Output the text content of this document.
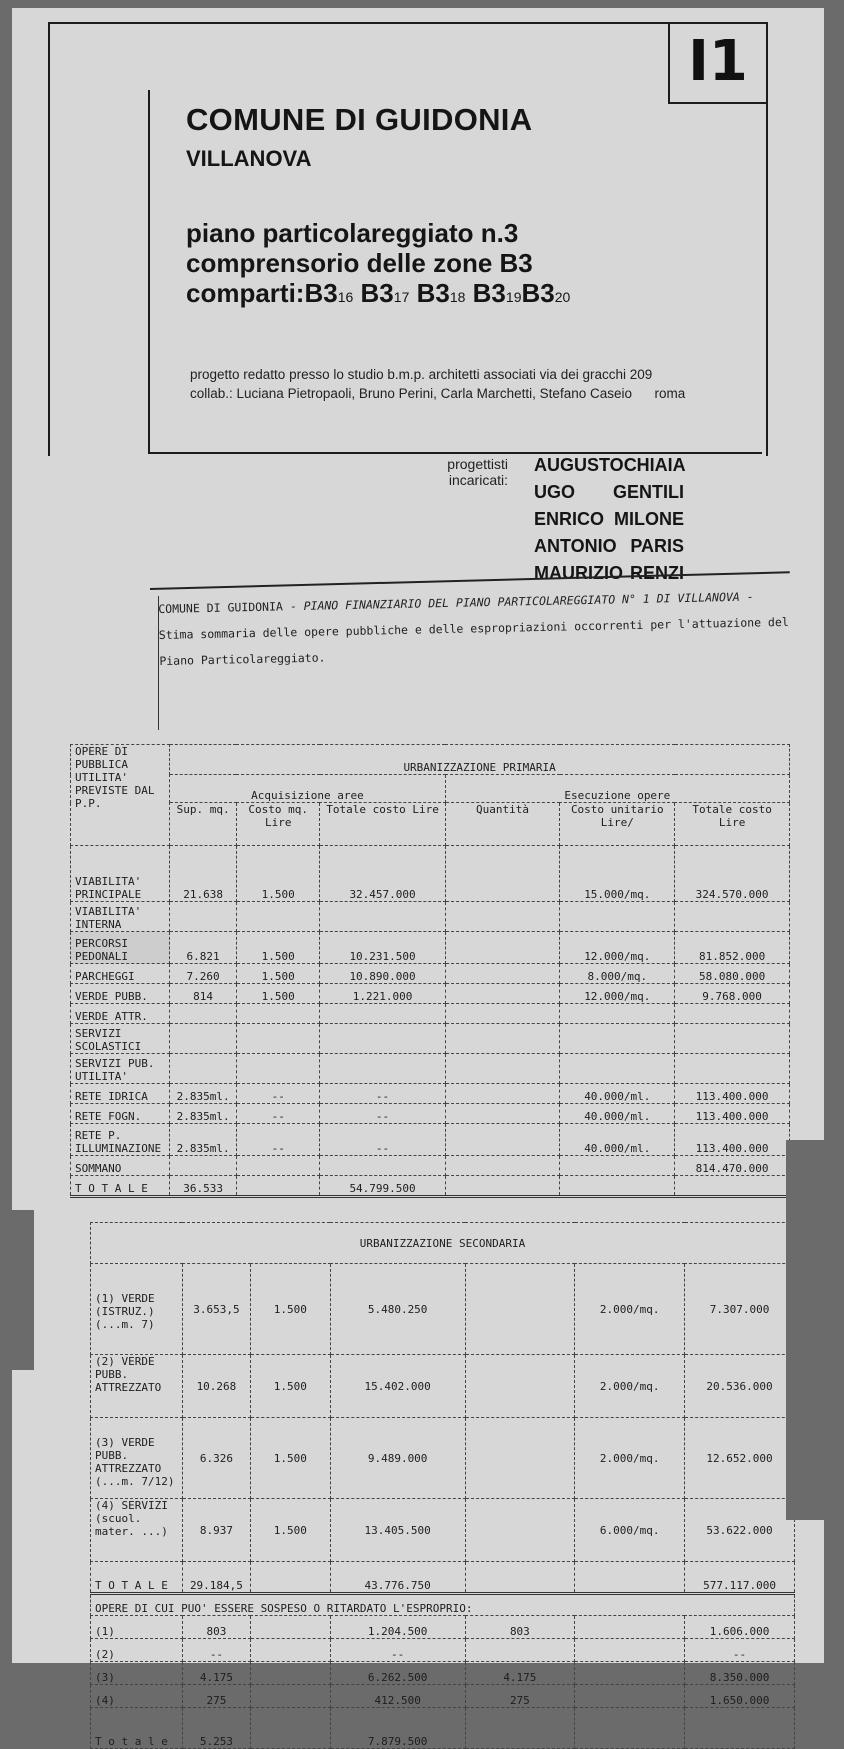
I1
COMUNE DI GUIDONIA
VILLANOVA
piano particolareggiato n.3
comprensorio delle zone B3
comparti:B316 B317 B318 B319B320
progetto redatto presso lo studio b.m.p. architetti associati via dei gracchi 209
collab.: Luciana Pietropaoli, Bruno Perini, Carla Marchetti, Stefano Caseio roma
progettisti incaricati:
AUGUSTO CHIAIA
UGO GENTILI
ENRICO MILONE
ANTONIO PARIS
MAURIZIO RENZI
COMUNE DI GUIDONIA - PIANO FINANZIARIO DEL PIANO PARTICOLAREGGIATO N° 1 DI VILLANOVA -
Stima sommaria delle opere pubbliche e delle espropriazioni occorrenti per l'attuazione del
Piano Particolareggiato.
OPERE DI PUBBLICA UTILITA' PREVISTE DAL P.P.	URBANIZZAZIONE PRIMARIA					
	Acquisizione aree			Esecuzione opere		
	Sup. mq.	Costo mq. Lire	Totale costo Lire	Quantità	Costo unitario Lire/	Totale costo Lire
VIABILITA' PRINCIPALE	21.638	1.500	32.457.000		15.000/mq.	324.570.000
VIABILITA' INTERNA						
PERCORSI PEDONALI	6.821	1.500	10.231.500		12.000/mq.	81.852.000
PARCHEGGI	7.260	1.500	10.890.000		8.000/mq.	58.080.000
VERDE PUBB.	814	1.500	1.221.000		12.000/mq.	9.768.000
VERDE ATTR.						
SERVIZI SCOLASTICI						
SERVIZI PUB. UTILITA'						
RETE IDRICA	2.835ml.	--	--		40.000/ml.	113.400.000
RETE FOGN.	2.835ml.	--	--		40.000/ml.	113.400.000
RETE P. ILLUMINAZIONE	2.835ml.	--	--		40.000/ml.	113.400.000
SOMMANO						814.470.000
T O T A L E	36.533		54.799.500			
URBANIZZAZIONE SECONDARIA						
(1) VERDE (ISTRUZ.) (...m. 7)	3.653,5	1.500	5.480.250		2.000/mq.	7.307.000
(2) VERDE PUBB. ATTREZZATO	10.268	1.500	15.402.000		2.000/mq.	20.536.000
(3) VERDE PUBB. ATTREZZATO (...m. 7/12)	6.326	1.500	9.489.000		2.000/mq.	12.652.000
(4) SERVIZI (scuol. mater. ...)	8.937	1.500	13.405.500		6.000/mq.	53.622.000
T O T A L E	29.184,5		43.776.750			577.117.000
OPERE DI CUI PUO' ESSERE SOSPESO O RITARDATO L'ESPROPRIO:						
(1)	803		1.204.500	803		1.606.000
(2)	--		--			--
(3)	4.175		6.262.500	4.175		8.350.000
(4)	275		412.500	275		1.650.000
T o t a l e	5.253		7.879.500			
